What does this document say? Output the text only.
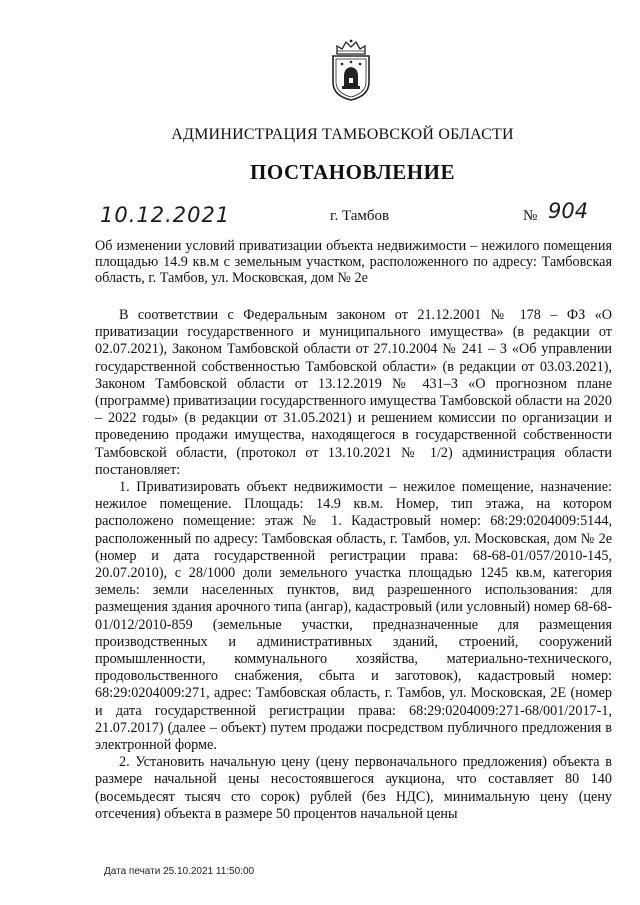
АДМИНИСТРАЦИЯ ТАМБОВСКОЙ ОБЛАСТИ
ПОСТАНОВЛЕНИЕ
10.12.2021	г. Тамбов	№ 904
Об изменении условий приватизации объекта недвижимости – нежилого помещения площадью 14.9 кв.м с земельным участком, расположенного по адресу: Тамбовская область, г. Тамбов, ул. Московская, дом № 2е

В соответствии с Федеральным законом от 21.12.2001 № 178 – ФЗ «О приватизации государственного и муниципального имущества» (в редакции от 02.07.2021), Законом Тамбовской области от 27.10.2004 № 241 – З «Об управлении государственной собственностью Тамбовской области» (в редакции от 03.03.2021), Законом Тамбовской области от 13.12.2019 № 431–З «О прогнозном плане (программе) приватизации государственного имущества Тамбовской области на 2020 – 2022 годы» (в редакции от 31.05.2021) и решением комиссии по организации и проведению продажи имущества, находящегося в государственной собственности Тамбовской области, (протокол от 13.10.2021 № 1/2) администрация области постановляет:

1. Приватизировать объект недвижимости – нежилое помещение, назначение: нежилое помещение. Площадь: 14.9 кв.м. Номер, тип этажа, на котором расположено помещение: этаж № 1. Кадастровый номер: 68:29:0204009:5144, расположенный по адресу: Тамбовская область, г. Тамбов, ул. Московская, дом № 2е (номер и дата государственной регистрации права: 68-68-01/057/2010-145, 20.07.2010), с 28/1000 доли земельного участка площадью 1245 кв.м, категория земель: земли населенных пунктов, вид разрешенного использования: для размещения здания арочного типа (ангар), кадастровый (или условный) номер 68-68-01/012/2010-859 (земельные участки, предназначенные для размещения производственных и административных зданий, строений, сооружений промышленности, коммунального хозяйства, материально-технического, продовольственного снабжения, сбыта и заготовок), кадастровый номер: 68:29:0204009:271, адрес: Тамбовская область, г. Тамбов, ул. Московская, 2Е (номер и дата государственной регистрации права: 68:29:0204009:271-68/001/2017-1, 21.07.2017) (далее – объект) путем продажи посредством публичного предложения в электронной форме.

2. Установить начальную цену (цену первоначального предложения) объекта в размере начальной цены несостоявшегося аукциона, что составляет 80 140 (восемьдесят тысяч сто сорок) рублей (без НДС), минимальную цену (цену отсечения) объекта в размере 50 процентов начальной цены

Дата печати 25.10.2021 11:50:00
